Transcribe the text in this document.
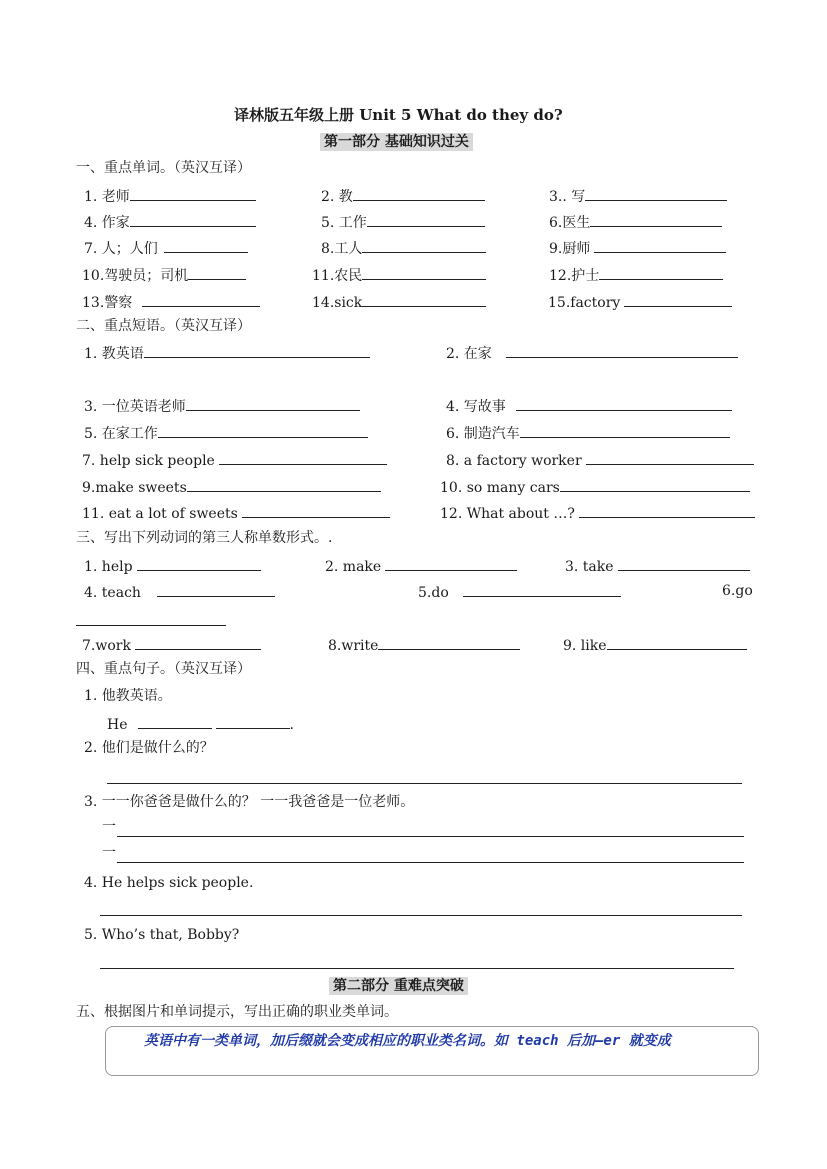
译林版五年级上册 Unit 5 What do they do?
第一部分 基础知识过关
一、重点单词。（英汉互译）
1. 老师	2. 教	3.. 写
4. 作家	5. 工作	6.医生
7. 人；人们	8.工人	9.厨师
10.驾驶员；司机	11.农民	12.护士
13.警察	14.sick	15.factory
二、重点短语。（英汉互译）
1. 教英语	2. 在家
3. 一位英语老师	4. 写故事
5. 在家工作	6. 制造汽车
7. help sick people	8. a factory worker
9.make sweets	10. so many cars
11. eat a lot of sweets	12. What about …?
三、写出下列动词的第三人称单数形式。.
1. help	2. make	3. take
4. teach	5.do	6.go
7.work	8.write	9. like
四、重点句子。（英汉互译）
1. 他教英语。
He	.
2. 他们是做什么的？
3. 一一你爸爸是做什么的？ 一一我爸爸是一位老师。
一
一
4. He helps sick people.
5. Who’s that, Bobby?
第二部分 重难点突破
五、根据图片和单词提示，写出正确的职业类单词。
英语中有一类单词，加后缀就会变成相应的职业类名词。如 teach 后加—er 就变成
